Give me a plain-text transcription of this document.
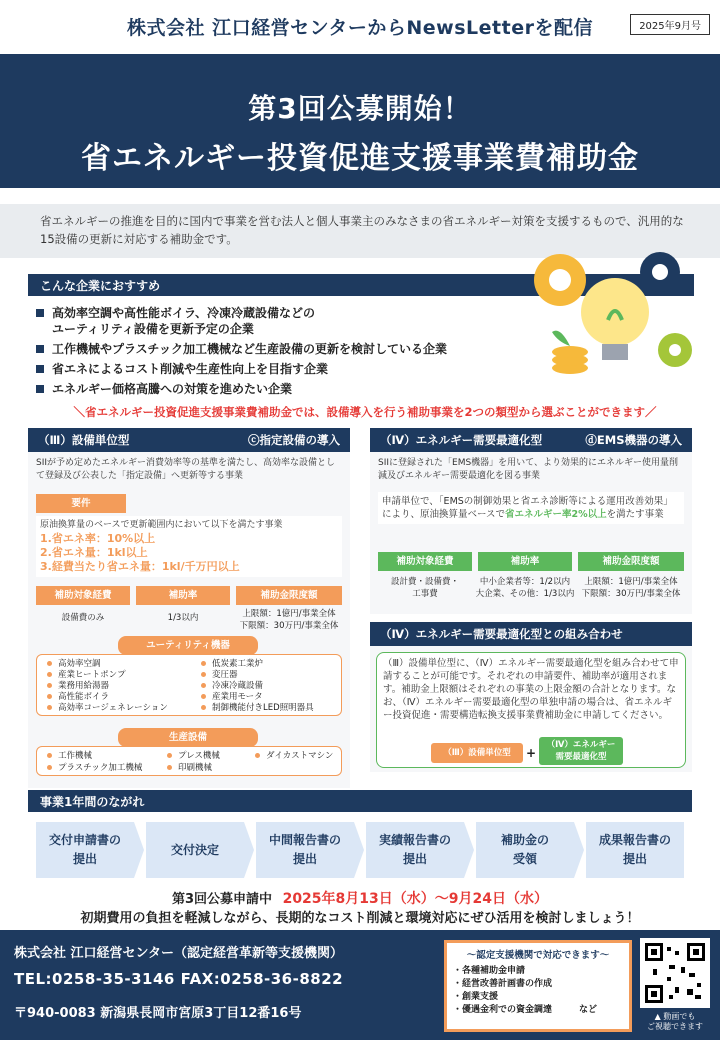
株式会社 江口経営センターからNewsLetterを配信	2025年9月号
第3回公募開始！
省エネルギー投資促進支援事業費補助金
省エネルギーの推進を目的に国内で事業を営む法人と個人事業主のみなさまの省エネルギー対策を支援するもので、汎用的な15設備の更新に対応する補助金です。
こんな企業におすすめ
高効率空調や高性能ボイラ、冷凍冷蔵設備などの
ユーティリティ設備を更新予定の企業
工作機械やプラスチック加工機械など生産設備の更新を検討している企業
省エネによるコスト削減や生産性向上を目指す企業
エネルギー価格高騰への対策を進めたい企業
＼省エネルギー投資促進支援事業費補助金では、設備導入を行う補助事業を2つの類型から選ぶことができます／
（Ⅲ）設備単位型	ⓒ指定設備の導入
SIIが予め定めたエネルギー消費効率等の基準を満たし、高効率な設備として登録及び公表した「指定設備」へ更新等する事業
要件
原油換算量のベースで更新範囲内において以下を満たす事業
1.省エネ率：10%以上
2.省エネ量：1kl以上
3.経費当たり省エネ量：1kl/千万円以上
補助対象経費	補助率	補助金限度額
設備費のみ	1/3以内	上限額：1億円/事業全体
下限額：30万円/事業全体
ユーティリティ機器
高効率空調
産業ヒートポンプ
業務用給湯器
高性能ボイラ
高効率コージェネレーション
低炭素工業炉
変圧器
冷凍冷蔵設備
産業用モータ
制御機能付きLED照明器具
生産設備
工作機械	プレス機械	ダイカストマシン
プラスチック加工機械	印刷機械
（Ⅳ）エネルギー需要最適化型	ⓓEMS機器の導入
SIIに登録された「EMS機器」を用いて、より効果的にエネルギー使用量削減及びエネルギー需要最適化を図る事業
申請単位で、「EMSの制御効果と省エネ診断等による運用改善効果」により、原油換算量ベースで省エネルギー率2%以上を満たす事業
補助対象経費	補助率	補助金限度額
設計費・設備費・
工事費
中小企業者等：1/2以内
大企業、その他：1/3以内
上限額：1億円/事業全体
下限額：30万円/事業全体
（Ⅳ）エネルギー需要最適化型との組み合わせ
（Ⅲ）設備単位型に、（Ⅳ）エネルギー需要最適化型を組み合わせて申請することが可能です。それぞれの申請要件、補助率が適用されます。補助金上限額はそれぞれの事業の上限金額の合計となります。なお、（Ⅳ）エネルギー需要最適化型の単独申請の場合は、省エネルギー投資促進・需要構造転換支援事業費補助金に申請してください。
（Ⅲ）設備単位型	+
（Ⅳ）エネルギー
需要最適化型
事業1年間のながれ
交付申請書の
提出
交付決定
中間報告書の
提出
実績報告書の
提出
補助金の
受領
成果報告書の
提出
第3回公募申請中 2025年8月13日（水）～9月24日（水）
初期費用の負担を軽減しながら、長期的なコスト削減と環境対応にぜひ活用を検討しましょう！
株式会社 江口経営センター（認定経営革新等支援機関）
TEL:0258-35-3146 FAX:0258-36-8822
〒940-0083 新潟県長岡市宮原3丁目12番16号
～認定支援機関で対応できます～
・各種補助金申請
・経営改善計画書の作成
・創業支援
・優遇金利での資金調達　　　など
▲ 動画でも
ご視聴できます
